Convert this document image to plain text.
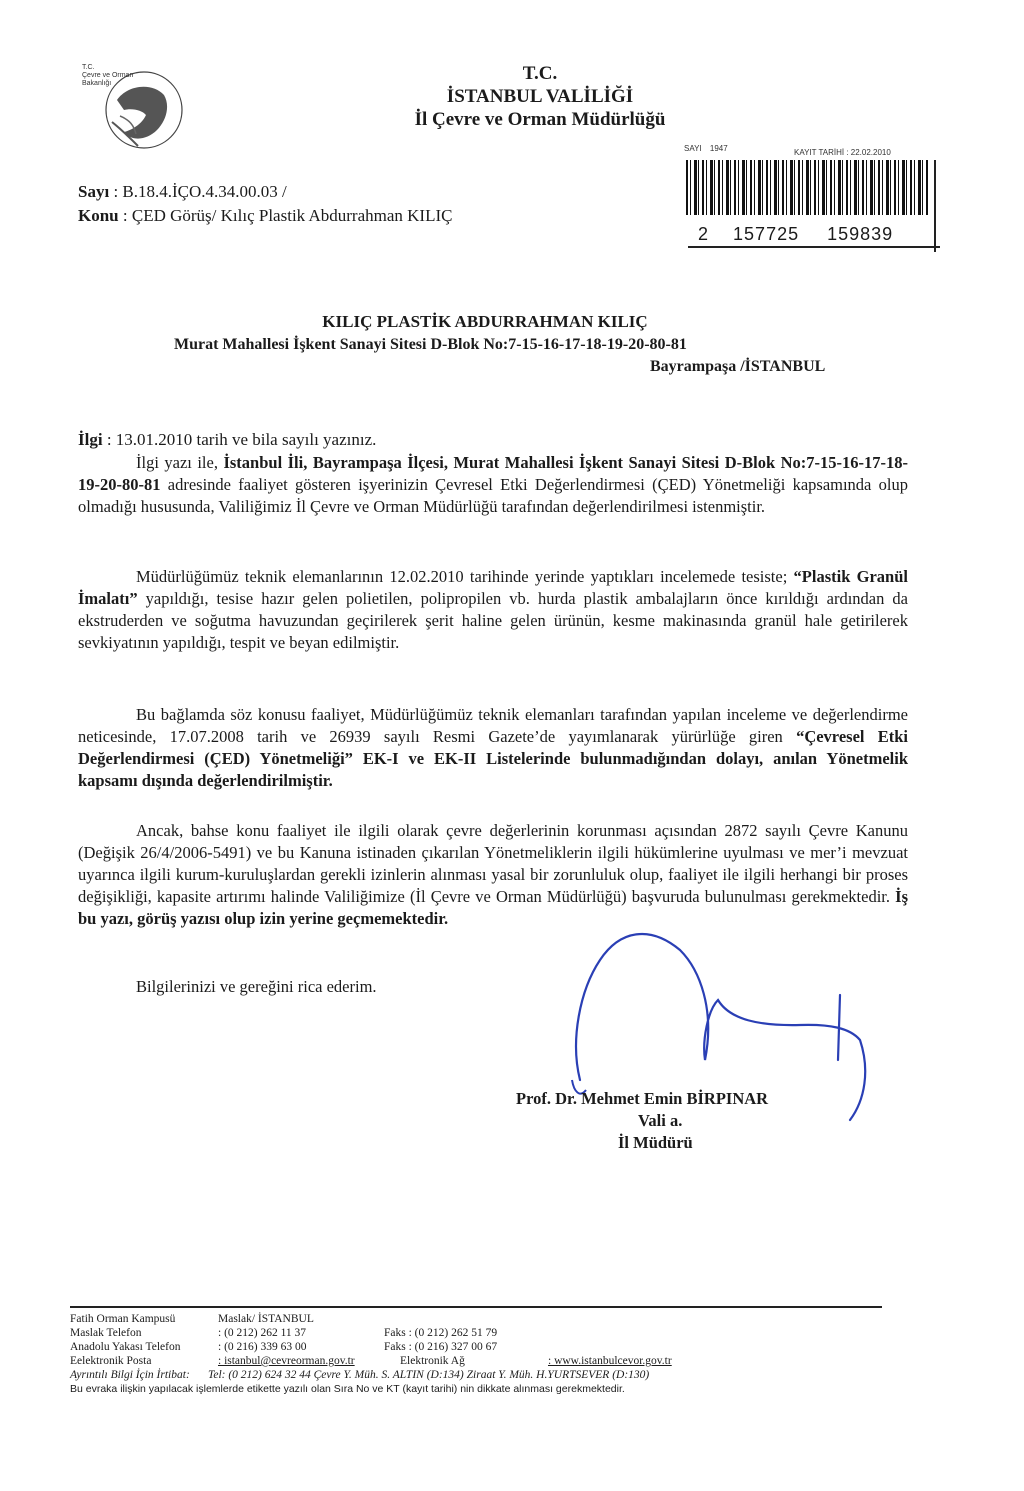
T.C.
Çevre ve Orman
Bakanlığı	T.C.
İSTANBUL VALİLİĞİ
İl Çevre ve Orman Müdürlüğü
SAYI 1947	KAYIT TARİHİ : 22.02.2010
2 157725 159839
Sayı : B.18.4.İÇO.4.34.00.03 /
Konu : ÇED Görüş/ Kılıç Plastik Abdurrahman KILIÇ
KILIÇ PLASTİK ABDURRAHMAN KILIÇ
Murat Mahallesi İşkent Sanayi Sitesi D-Blok No:7-15-16-17-18-19-20-80-81
Bayrampaşa /İSTANBUL
İlgi : 13.01.2010 tarih ve bila sayılı yazınız.

İlgi yazı ile, İstanbul İli, Bayrampaşa İlçesi, Murat Mahallesi İşkent Sanayi Sitesi D-Blok No:7-15-16-17-18-19-20-80-81 adresinde faaliyet gösteren işyerinizin Çevresel Etki Değerlendirmesi (ÇED) Yönetmeliği kapsamında olup olmadığı hususunda, Valiliğimiz İl Çevre ve Orman Müdürlüğü tarafından değerlendirilmesi istenmiştir.

Müdürlüğümüz teknik elemanlarının 12.02.2010 tarihinde yerinde yaptıkları incelemede tesiste; “Plastik Granül İmalatı” yapıldığı, tesise hazır gelen polietilen, polipropilen vb. hurda plastik ambalajların önce kırıldığı ardından da ekstruderden ve soğutma havuzundan geçirilerek şerit haline gelen ürünün, kesme makinasında granül hale getirilerek sevkiyatının yapıldığı, tespit ve beyan edilmiştir.

Bu bağlamda söz konusu faaliyet, Müdürlüğümüz teknik elemanları tarafından yapılan inceleme ve değerlendirme neticesinde, 17.07.2008 tarih ve 26939 sayılı Resmi Gazete’de yayımlanarak yürürlüğe giren “Çevresel Etki Değerlendirmesi (ÇED) Yönetmeliği” EK-I ve EK-II Listelerinde bulunmadığından dolayı, anılan Yönetmelik kapsamı dışında değerlendirilmiştir.

Ancak, bahse konu faaliyet ile ilgili olarak çevre değerlerinin korunması açısından 2872 sayılı Çevre Kanunu (Değişik 26/4/2006-5491) ve bu Kanuna istinaden çıkarılan Yönetmeliklerin ilgili hükümlerine uyulması ve mer’i mevzuat uyarınca ilgili kurum-kuruluşlardan gerekli izinlerin alınması yasal bir zorunluluk olup, faaliyet ile ilgili herhangi bir proses değişikliği, kapasite artırımı halinde Valiliğimize (İl Çevre ve Orman Müdürlüğü) başvuruda bulunulması gerekmektedir. İş bu yazı, görüş yazısı olup izin yerine geçmemektedir.

Bilgilerinizi ve gereğini rica ederim.

Prof. Dr. Mehmet Emin BİRPINAR
Vali a.
İl Müdürü
Fatih Orman Kampusü	Maslak/ İSTANBUL
Maslak Telefon	: (0 212) 262 11 37	Faks : (0 212) 262 51 79
Anadolu Yakası Telefon	: (0 216) 339 63 00	Faks : (0 216) 327 00 67
Eelektronik Posta	: istanbul@cevreorman.gov.tr	Elektronik Ağ	: www.istanbulcevor.gov.tr
Ayrıntılı Bilgi İçin İrtibat: Tel: (0 212) 624 32 44 Çevre Y. Müh. S. ALTIN (D:134) Ziraat Y. Müh. H.YURTSEVER (D:130)
Bu evraka ilişkin yapılacak işlemlerde etikette yazılı olan Sıra No ve KT (kayıt tarihi) nin dikkate alınması gerekmektedir.
